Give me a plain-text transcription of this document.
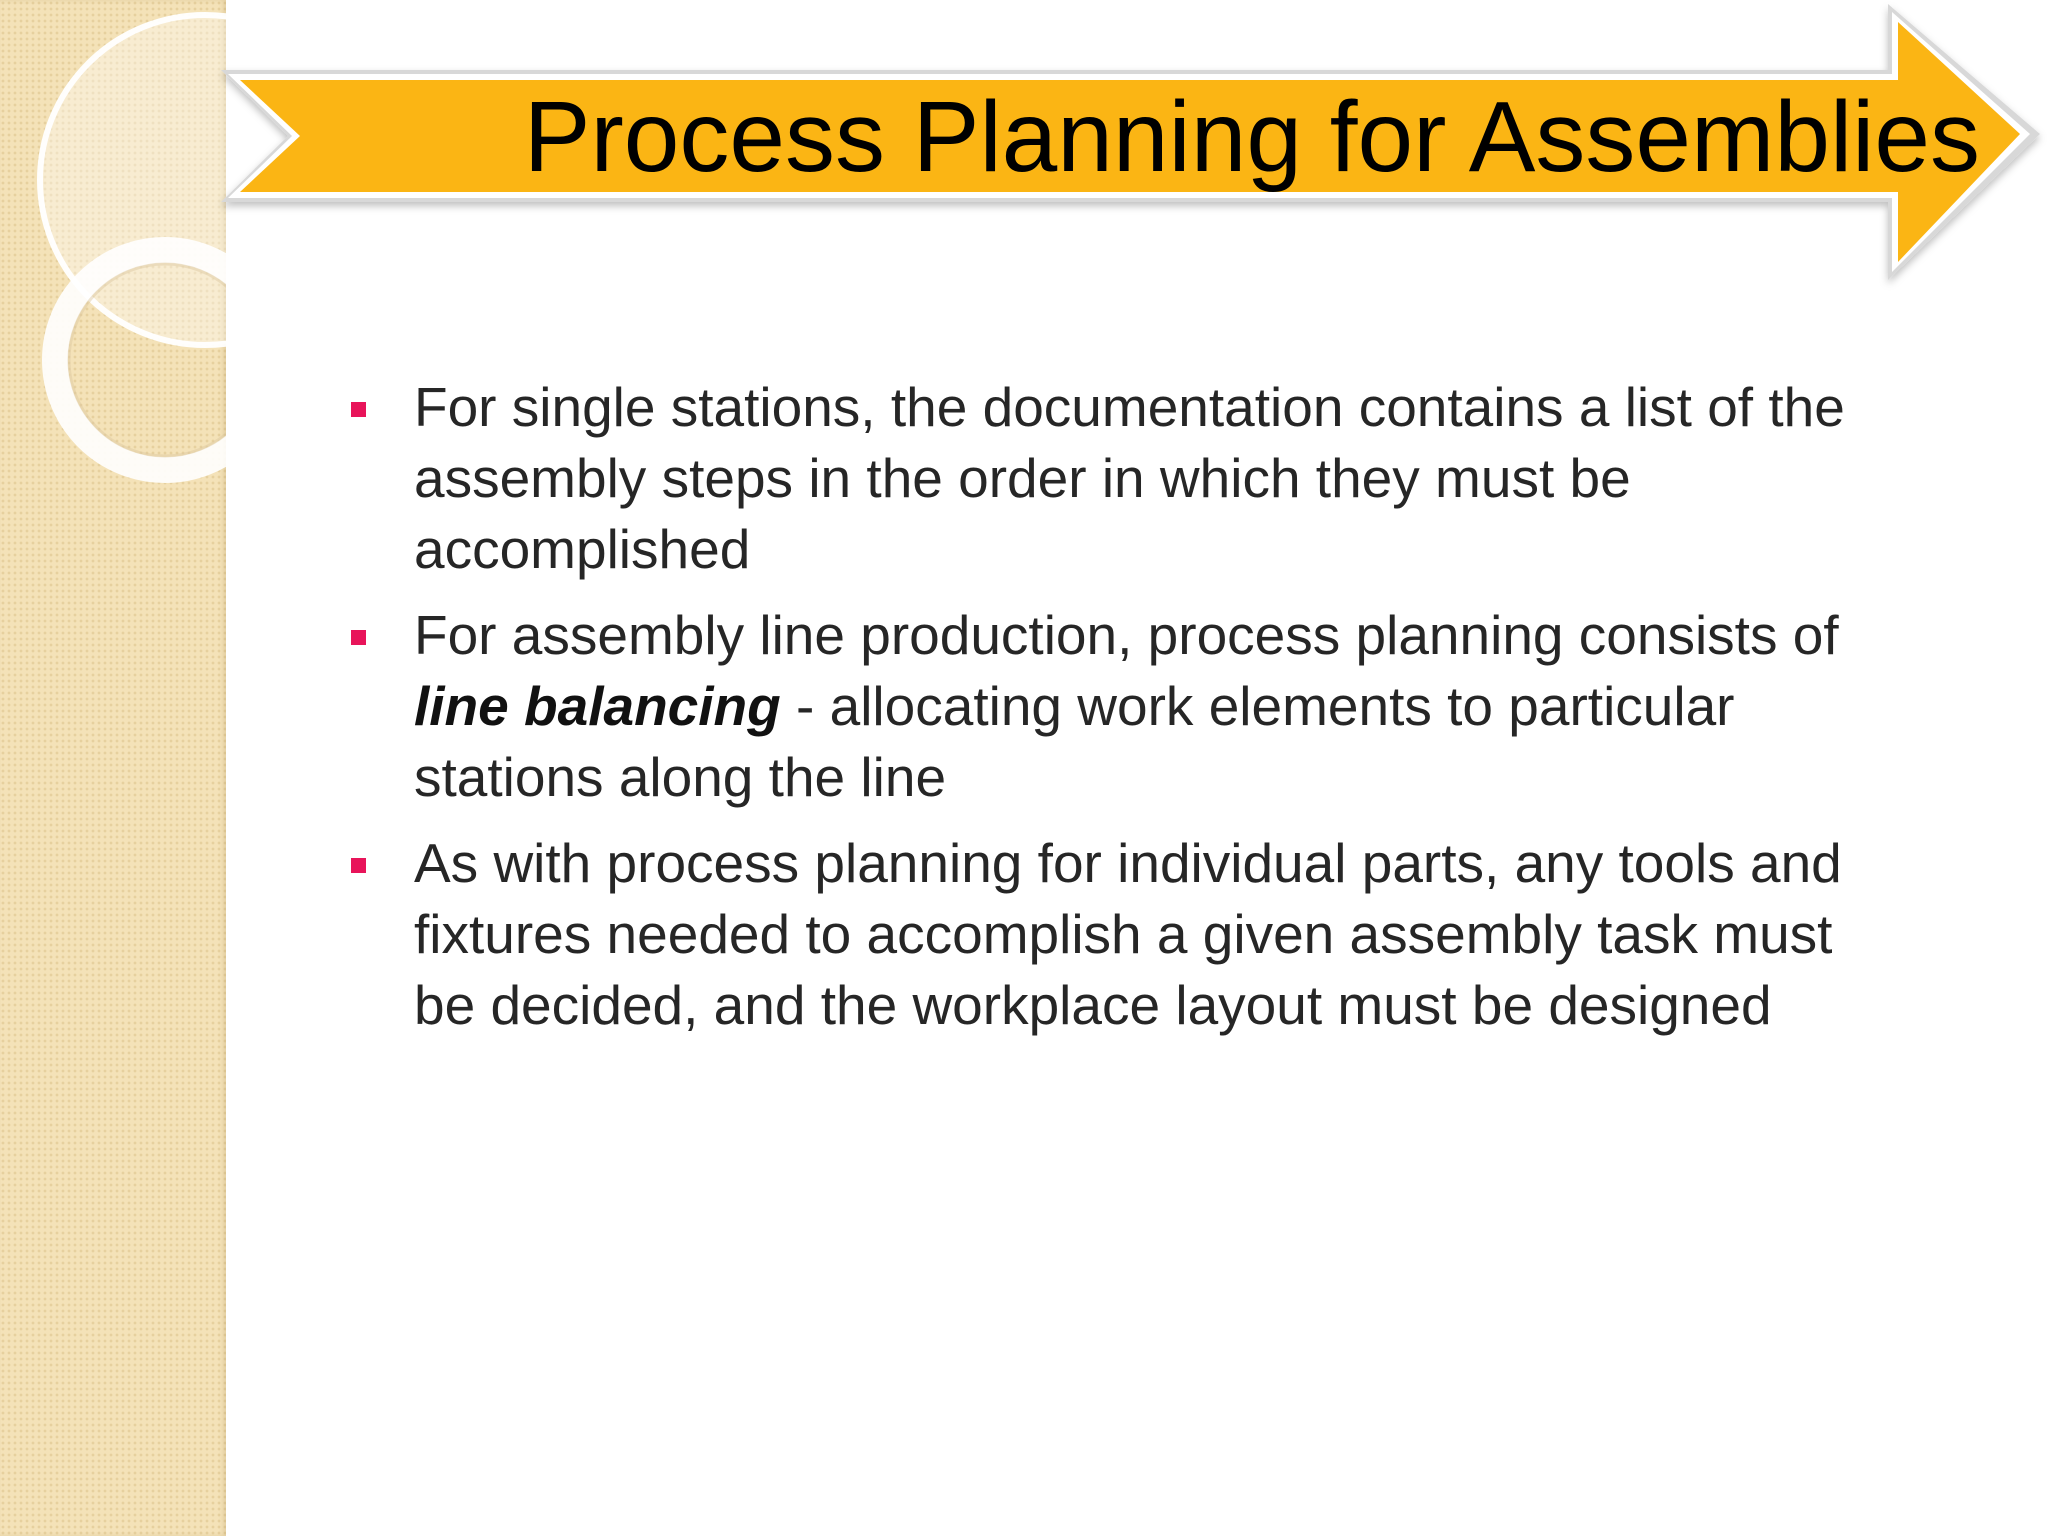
Process Planning for Assemblies
For single stations, the documentation contains a list of the assembly steps in the order in which they must be accomplished
For assembly line production, process planning consists of line balancing - allocating work elements to particular stations along the line
As with process planning for individual parts, any tools and fixtures needed to accomplish a given assembly task must be decided, and the workplace layout must be designed
